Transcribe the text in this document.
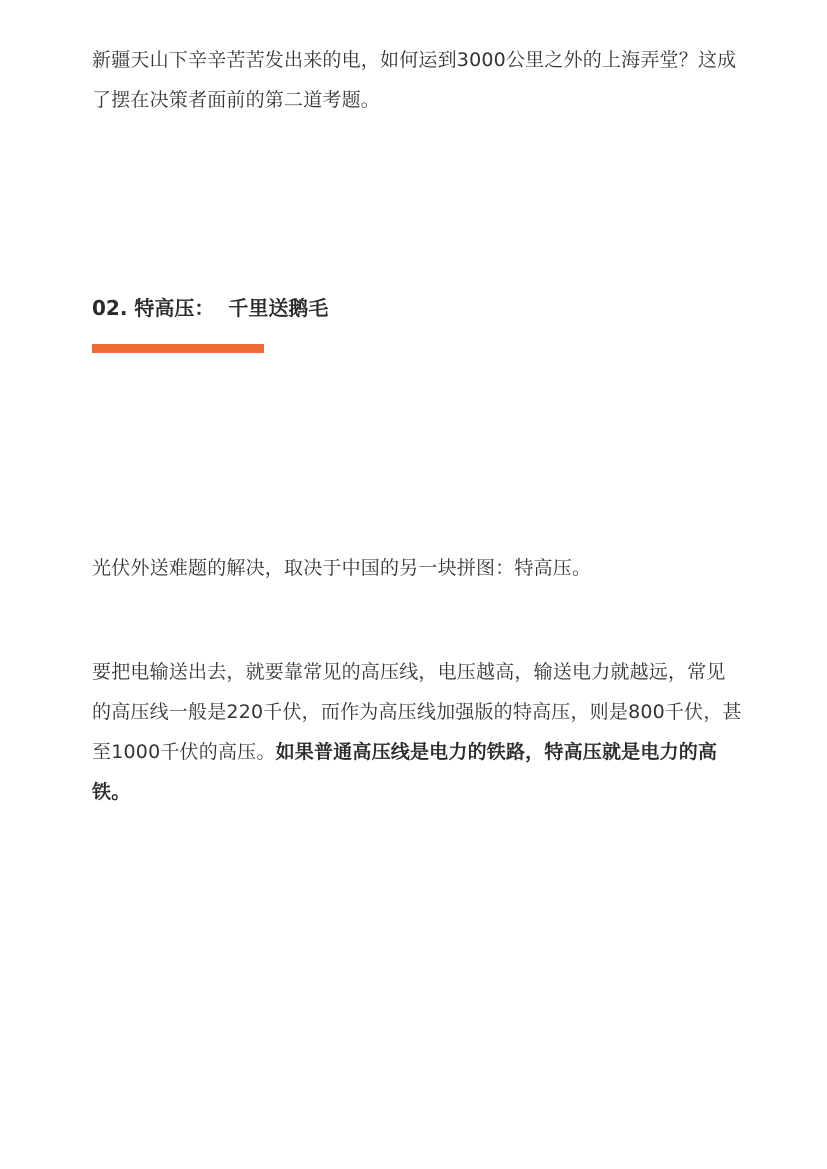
新疆天山下辛辛苦苦发出来的电，如何运到3000公里之外的上海弄堂？这成了摆在决策者面前的第二道考题。

02. 特高压： 千里送鹅毛

光伏外送难题的解决，取决于中国的另一块拼图：特高压。

要把电输送出去，就要靠常见的高压线，电压越高，输送电力就越远，常见的高压线一般是220千伏，而作为高压线加强版的特高压，则是800千伏，甚至1000千伏的高压。如果普通高压线是电力的铁路，特高压就是电力的高铁。
